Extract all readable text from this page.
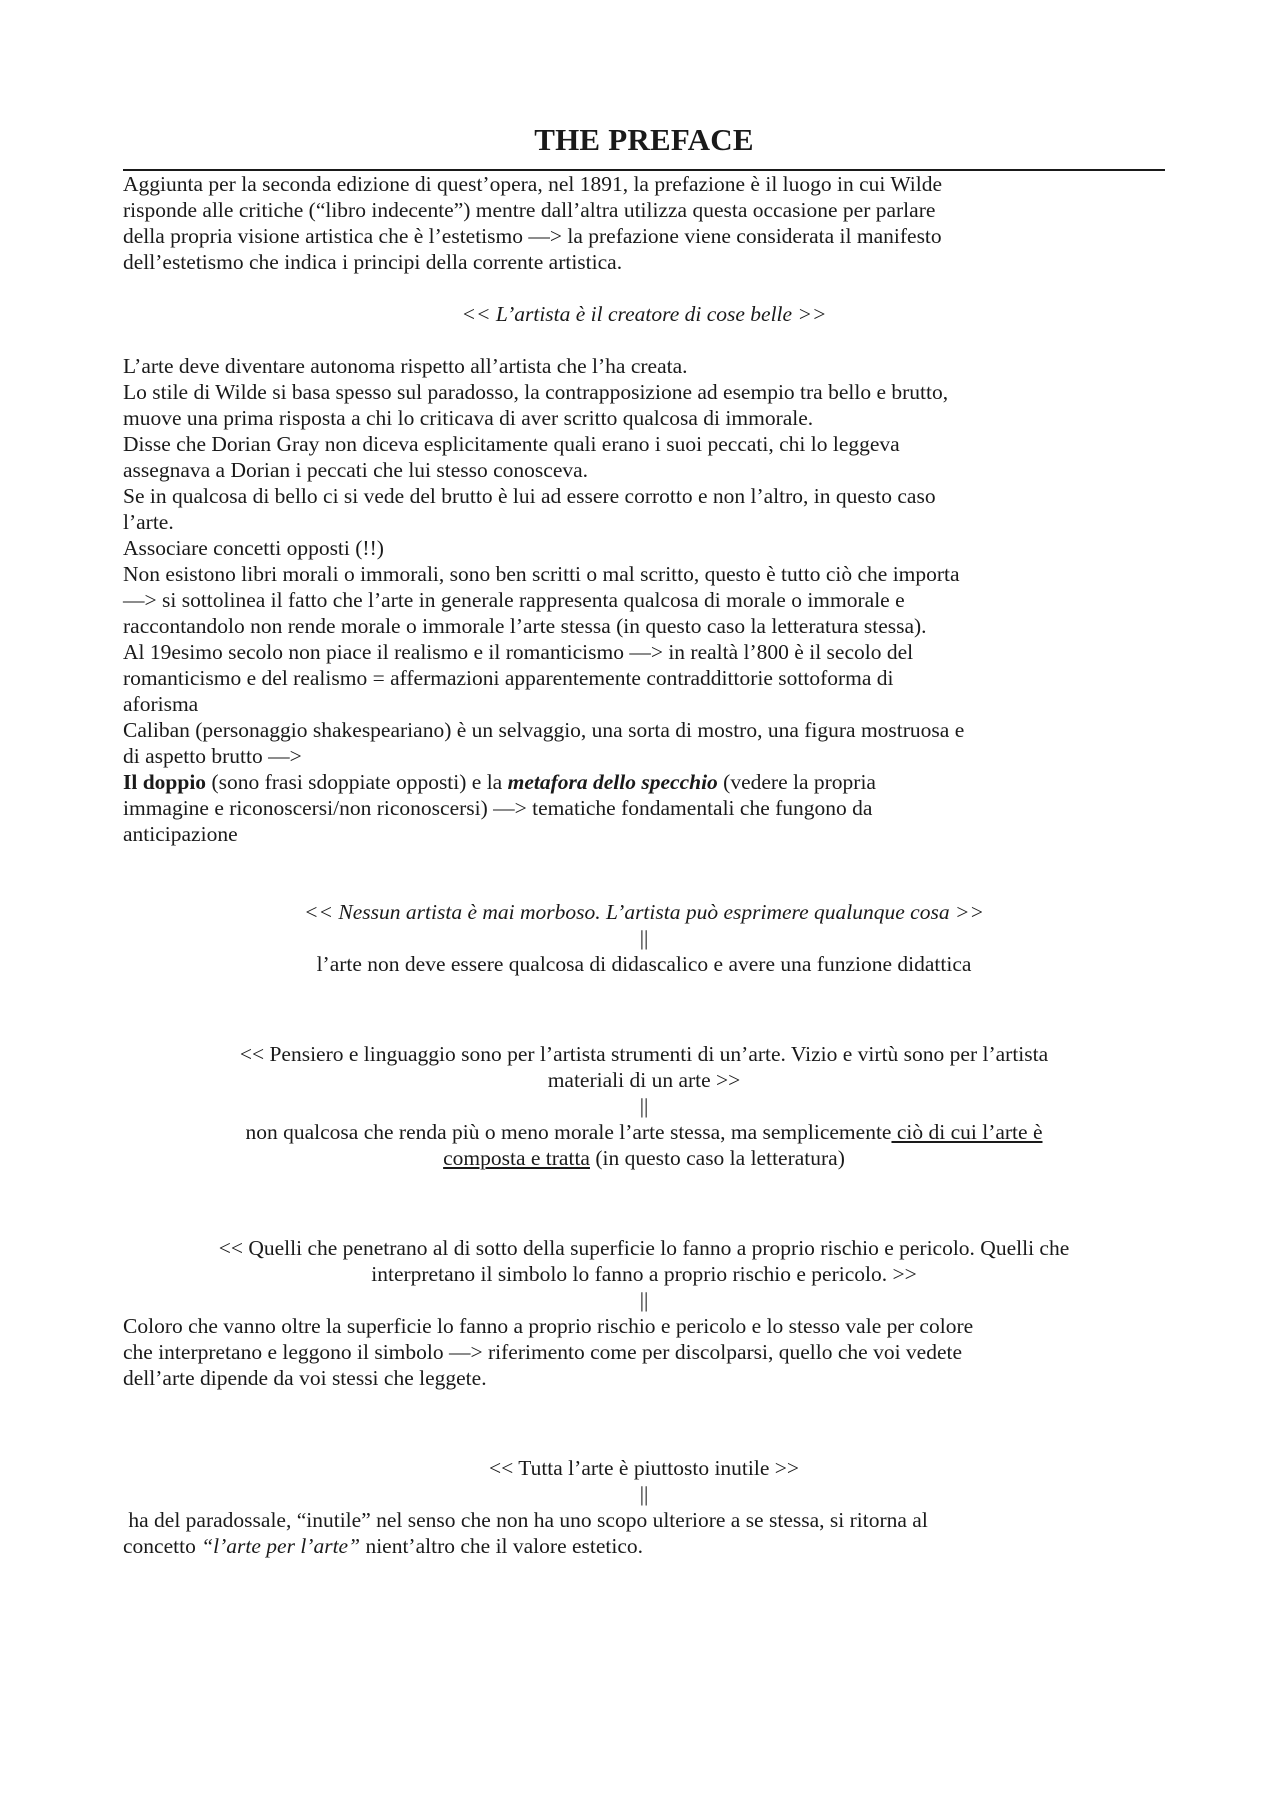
THE PREFACE
Aggiunta per la seconda edizione di quest’opera, nel 1891, la prefazione è il luogo in cui Wilde
risponde alle critiche (“libro indecente”) mentre dall’altra utilizza questa occasione per parlare
della propria visione artistica che è l’estetismo —> la prefazione viene considerata il manifesto
dell’estetismo che indica i principi della corrente artistica.
<< L’artista è il creatore di cose belle >>
L’arte deve diventare autonoma rispetto all’artista che l’ha creata.
Lo stile di Wilde si basa spesso sul paradosso, la contrapposizione ad esempio tra bello e brutto,
muove una prima risposta a chi lo criticava di aver scritto qualcosa di immorale.
Disse che Dorian Gray non diceva esplicitamente quali erano i suoi peccati, chi lo leggeva
assegnava a Dorian i peccati che lui stesso conosceva.
Se in qualcosa di bello ci si vede del brutto è lui ad essere corrotto e non l’altro, in questo caso
l’arte.
Associare concetti opposti (!!)
Non esistono libri morali o immorali, sono ben scritti o mal scritto, questo è tutto ciò che importa
—> si sottolinea il fatto che l’arte in generale rappresenta qualcosa di morale o immorale e
raccontandolo non rende morale o immorale l’arte stessa (in questo caso la letteratura stessa).
Al 19esimo secolo non piace il realismo e il romanticismo —> in realtà l’800 è il secolo del
romanticismo e del realismo = affermazioni apparentemente contraddittorie sottoforma di
aforisma
Caliban (personaggio shakespeariano) è un selvaggio, una sorta di mostro, una figura mostruosa e
di aspetto brutto —>
Il doppio (sono frasi sdoppiate opposti) e la metafora dello specchio (vedere la propria
immagine e riconoscersi/non riconoscersi) —> tematiche fondamentali che fungono da
anticipazione
<< Nessun artista è mai morboso. L’artista può esprimere qualunque cosa >>
||
l’arte non deve essere qualcosa di didascalico e avere una funzione didattica
<< Pensiero e linguaggio sono per l’artista strumenti di un’arte. Vizio e virtù sono per l’artista
materiali di un arte >>
||
non qualcosa che renda più o meno morale l’arte stessa, ma semplicemente ciò di cui l’arte è
composta e tratta (in questo caso la letteratura)
<< Quelli che penetrano al di sotto della superficie lo fanno a proprio rischio e pericolo. Quelli che
interpretano il simbolo lo fanno a proprio rischio e pericolo. >>
||
Coloro che vanno oltre la superficie lo fanno a proprio rischio e pericolo e lo stesso vale per colore
che interpretano e leggono il simbolo —> riferimento come per discolparsi, quello che voi vedete
dell’arte dipende da voi stessi che leggete.
<< Tutta l’arte è piuttosto inutile >>
||
ha del paradossale, “inutile” nel senso che non ha uno scopo ulteriore a se stessa, si ritorna al
concetto “l’arte per l’arte” nient’altro che il valore estetico.
